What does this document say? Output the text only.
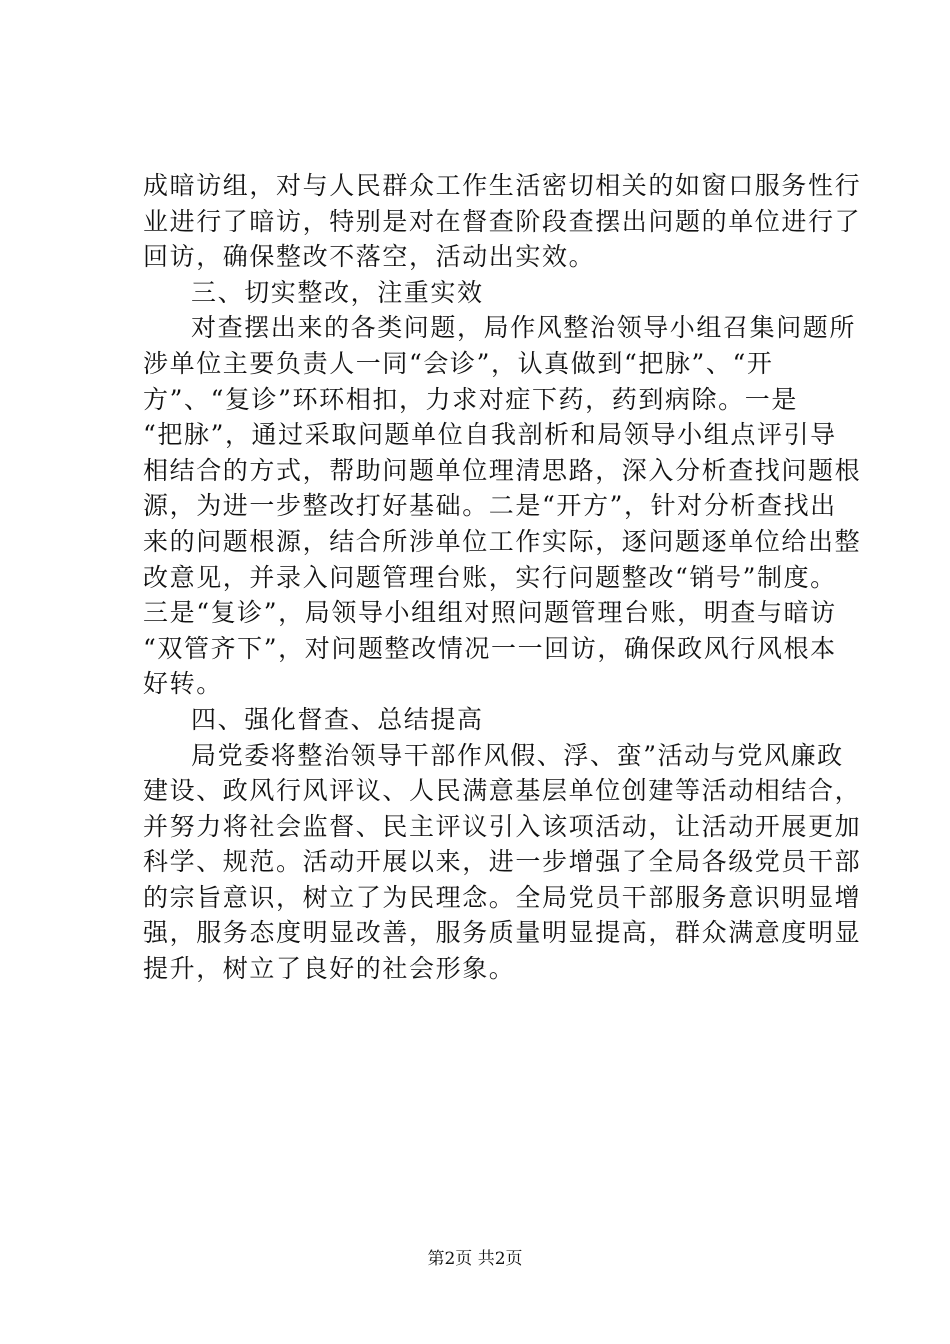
成暗访组，对与人民群众工作生活密切相关的如窗口服务性行
业进行了暗访，特别是对在督查阶段查摆出问题的单位进行了
回访，确保整改不落空，活动出实效。
三、切实整改，注重实效
对查摆出来的各类问题，局作风整治领导小组召集问题所
涉单位主要负责人一同“会诊”，认真做到“把脉”、“开
方”、“复诊”环环相扣，力求对症下药，药到病除。一是
“把脉”，通过采取问题单位自我剖析和局领导小组点评引导
相结合的方式，帮助问题单位理清思路，深入分析查找问题根
源，为进一步整改打好基础。二是“开方”，针对分析查找出
来的问题根源，结合所涉单位工作实际，逐问题逐单位给出整
改意见，并录入问题管理台账，实行问题整改“销号”制度。
三是“复诊”，局领导小组组对照问题管理台账，明查与暗访
“双管齐下”，对问题整改情况一一回访，确保政风行风根本
好转。
四、强化督查、总结提高
局党委将整治领导干部作风假、浮、蛮”活动与党风廉政
建设、政风行风评议、人民满意基层单位创建等活动相结合，
并努力将社会监督、民主评议引入该项活动，让活动开展更加
科学、规范。活动开展以来，进一步增强了全局各级党员干部
的宗旨意识，树立了为民理念。全局党员干部服务意识明显增
强，服务态度明显改善，服务质量明显提高，群众满意度明显
提升，树立了良好的社会形象。
第2页 共2页
